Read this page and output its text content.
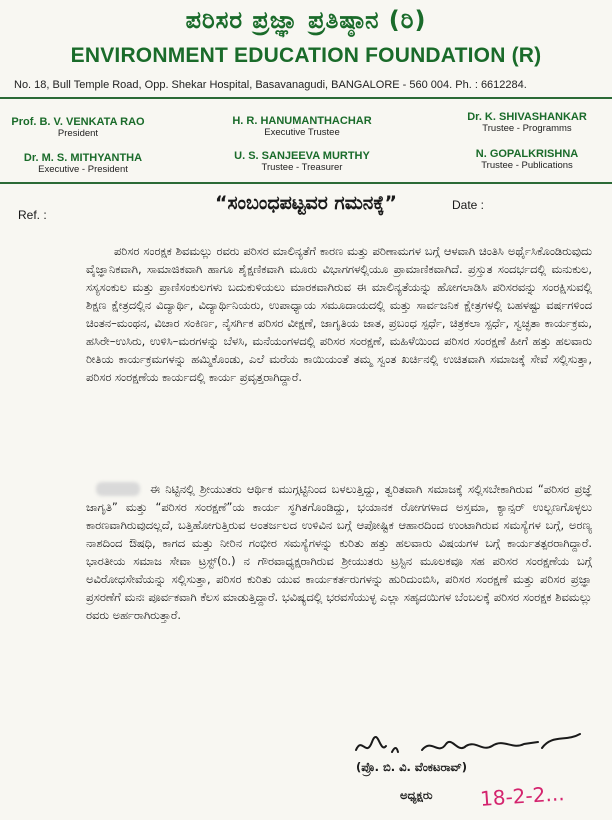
ಪರಿಸರ ಪ್ರಜ್ಞಾ ಪ್ರತಿಷ್ಠಾನ (ರಿ)
ENVIRONMENT EDUCATION FOUNDATION (R)
No. 18, Bull Temple Road, Opp. Shekar Hospital, Basavanagudi, BANGALORE - 560 004. Ph. : 6612284.
Prof. B. V. VENKATA RAO
President
H. R. HANUMANTHACHAR
Executive Trustee
Dr. K. SHIVASHANKAR
Trustee - Programms
Dr. M. S. MITHYANTHA
Executive - President
U. S. SANJEEVA MURTHY
Trustee - Treasurer
N. GOPALKRISHNA
Trustee - Publications
Ref. :
“ಸಂಬಂಧಪಟ್ಟವರ ಗಮನಕ್ಕೆ”	Date :
ಪರಿಸರ ಸಂರಕ್ಷಕ ಶಿವಮಲ್ಲು ರವರು ಪರಿಸರ ಮಾಲಿನ್ಯತೆಗೆ ಕಾರಣ ಮತ್ತು ಪರಿಣಾಮಗಳ ಬಗ್ಗೆ ಆಳವಾಗಿ ಚಿಂತಿಸಿ ಅರ್ಥೈಸಿಕೊಂಡಿರುವುದು ವೈಜ್ಞಾನಿಕವಾಗಿ, ಸಾಮಾಜಿಕವಾಗಿ ಹಾಗೂ ಶೈಕ್ಷಣಿಕವಾಗಿ ಮೂರು ವಿಭಾಗಗಳಲ್ಲಿಯೂ ಪ್ರಾಮಾಣಿಕವಾಗಿದೆ. ಪ್ರಸ್ತುತ ಸಂದರ್ಭದಲ್ಲಿ ಮನುಕುಲ, ಸಸ್ಯಸಂಕುಲ ಮತ್ತು ಪ್ರಾಣಿಸಂಕುಲಗಳು ಬದುಕುಳಿಯಲು ಮಾರಕವಾಗಿರುವ ಈ ಮಾಲಿನ್ಯತೆಯನ್ನು ಹೋಗಲಾಡಿಸಿ ಪರಿಸರವನ್ನು ಸಂರಕ್ಷಿಸುವಲ್ಲಿ ಶಿಕ್ಷಣ ಕ್ಷೇತ್ರದಲ್ಲಿನ ವಿದ್ಯಾರ್ಥಿ, ವಿದ್ಯಾರ್ಥಿನಿಯರು, ಉಪಾಧ್ಯಾಯ ಸಮೂದಾಯದಲ್ಲಿ ಮತ್ತು ಸಾರ್ವಜನಿಕ ಕ್ಷೇತ್ರಗಳಲ್ಲಿ ಬಹಳಷ್ಟು ವರ್ಷಗಳಿಂದ ಚಿಂತನ–ಮಂಥನ, ವಿಚಾರ ಸಂಕಿರ್ಣ, ನೈಸರ್ಗಿಕ ಪರಿಸರ ವೀಕ್ಷಣೆ, ಜಾಗೃತಿಯ ಜಾತ, ಪ್ರಬಂಧ ಸ್ಪರ್ಧೆ, ಚಿತ್ರಕಲಾ ಸ್ಪರ್ಧೆ, ಸ್ವಚ್ಛತಾ ಕಾರ್ಯಕ್ರಮ, ಹಸಿರೇ–ಉಸಿರು, ಉಳಿಸಿ–ಮರಗಳನ್ನು ಬೆಳಸಿ, ಮನೆಯಂಗಳದಲ್ಲಿ ಪರಿಸರ ಸಂರಕ್ಷಣೆ, ಮಹಿಳೆಯಿಂದ ಪರಿಸರ ಸಂರಕ್ಷಣೆ ಹೀಗೆ ಹತ್ತು ಹಲವಾರು ರೀತಿಯ ಕಾರ್ಯಕ್ರಮಗಳನ್ನು ಹಮ್ಮಿಕೊಂಡು, ಎಲೆ ಮರೆಯ ಕಾಯಿಯಂತೆ ತಮ್ಮ ಸ್ವಂತ ಖರ್ಚಿನಲ್ಲಿ ಉಚಿತವಾಗಿ ಸಮಾಜಕ್ಕೆ ಸೇವೆ ಸಲ್ಲಿಸುತ್ತಾ, ಪರಿಸರ ಸಂರಕ್ಷಣೆಯ ಕಾರ್ಯದಲ್ಲಿ ಕಾರ್ಯ ಪ್ರವೃತ್ತರಾಗಿದ್ದಾರೆ.
ಈ ನಿಟ್ಟಿನಲ್ಲಿ ಶ್ರೀಯುತರು ಆರ್ಥಿಕ ಮುಗ್ಗಟ್ಟಿನಿಂದ ಬಳಲುತ್ತಿದ್ದು, ತ್ವರಿತವಾಗಿ ಸಮಾಜಕ್ಕೆ ಸಲ್ಲಿಸಬೇಕಾಗಿರುವ “ಪರಿಸರ ಪ್ರಜ್ಞೆ ಜಾಗೃತಿ” ಮತ್ತು “ಪರಿಸರ ಸಂರಕ್ಷಣೆ”ಯ ಕಾರ್ಯ ಸ್ಥಗಿತಗೊಂಡಿದ್ದು, ಭಯಾನಕ ರೋಗಗಳಾದ ಅಸ್ತಮಾ, ಕ್ಯಾನ್ಸರ್ ಉಲ್ಬಣಗೊಳ್ಳಲು ಕಾರಣವಾಗಿರುವುದಲ್ಲದೆ, ಬತ್ತಿಹೋಗುತ್ತಿರುವ ಅಂತರ್ಜಲದ ಉಳಿವಿನ ಬಗ್ಗೆ ಆಪೋಷ್ಟಿಕ ಆಹಾರದಿಂದ ಉಂಟಾಗಿರುವ ಸಮಸ್ಯೆಗಳ ಬಗ್ಗೆ, ಅರಣ್ಯ ನಾಶದಿಂದ ಔಷಧಿ, ಕಾಗದ ಮತ್ತು ನೀರಿನ ಗಂಭೀರ ಸಮಸ್ಯೆಗಳನ್ನು ಕುರಿತು ಹತ್ತು ಹಲವಾರು ವಿಷಯಗಳ ಬಗ್ಗೆ ಕಾರ್ಯತತ್ಪರರಾಗಿದ್ದಾರೆ. ಭಾರತೀಯ ಸಮಾಜ ಸೇವಾ ಟ್ರಸ್ಟ್(ರಿ.) ನ ಗೌರವಾಧ್ಯಕ್ಷರಾಗಿರುವ ಶ್ರೀಯುತರು ಟ್ರಸ್ಟಿನ ಮೂಲಕವೂ ಸಹ ಪರಿಸರ ಸಂರಕ್ಷಣೆಯ ಬಗ್ಗೆ ಅವಿರೋಧಸೇವೆಯನ್ನು ಸಲ್ಲಿಸುತ್ತಾ, ಪರಿಸರ ಕುರಿತು ಯುವ ಕಾರ್ಯಕರ್ತರುಗಳನ್ನು ಹುರಿದುಂಬಿಸಿ, ಪರಿಸರ ಸಂರಕ್ಷಣೆ ಮತ್ತು ಪರಿಸರ ಪ್ರಜ್ಞಾ ಪ್ರಸರಣೆಗೆ ಮನಃ ಪೂರ್ವಕವಾಗಿ ಕೆಲಸ ಮಾಡುತ್ತಿದ್ದಾರೆ. ಭವಿಷ್ಯದಲ್ಲಿ ಭರವಸೆಯುಳ್ಳ ಎಲ್ಲಾ ಸಹೃದಯಿಗಳ ಬೆಂಬಲಕ್ಕೆ ಪರಿಸರ ಸಂರಕ್ಷಕ ಶಿವಮಲ್ಲು ರವರು ಅರ್ಹರಾಗಿರುತ್ತಾರೆ.
(ಪ್ರೊ. ಬಿ. ವಿ. ವೆಂಕಟರಾವ್)
ಅಧ್ಯಕ್ಷರು 18-2-2...
